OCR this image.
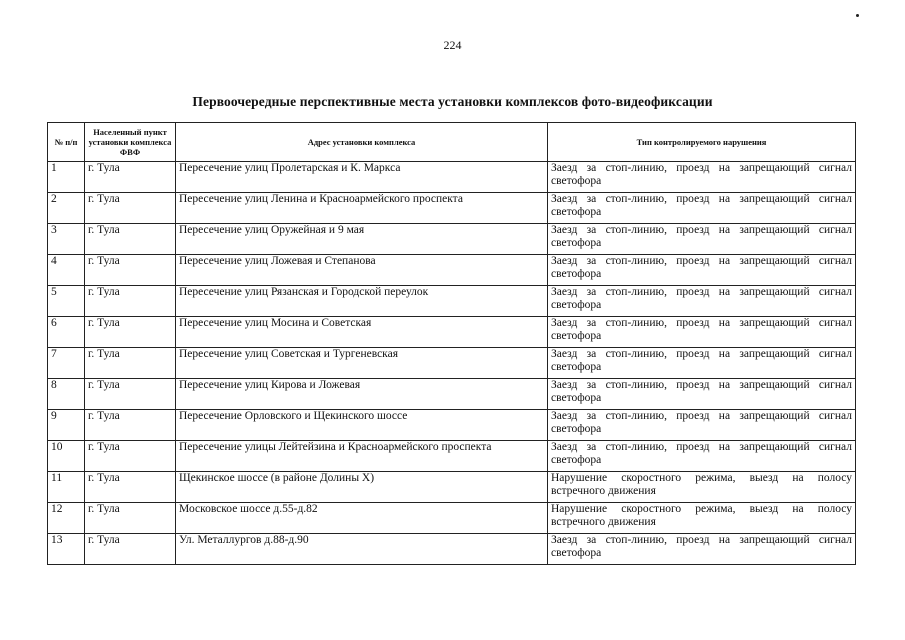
224
Первоочередные перспективные места установки комплексов фото-видеофиксации
№ п/п	Населенный пункт установки комплекса ФВФ	Адрес установки комплекса	Тип контролируемого нарушения
1	г. Тула	Пересечение улиц Пролетарская и К. Маркса	Заезд за стоп-линию, проезд на запрещающий сигнал светофора
2	г. Тула	Пересечение улиц Ленина и Красноармейского проспекта	Заезд за стоп-линию, проезд на запрещающий сигнал светофора
3	г. Тула	Пересечение улиц Оружейная и 9 мая	Заезд за стоп-линию, проезд на запрещающий сигнал светофора
4	г. Тула	Пересечение улиц Ложевая и Степанова	Заезд за стоп-линию, проезд на запрещающий сигнал светофора
5	г. Тула	Пересечение улиц Рязанская и Городской переулок	Заезд за стоп-линию, проезд на запрещающий сигнал светофора
6	г. Тула	Пересечение улиц Мосина и Советская	Заезд за стоп-линию, проезд на запрещающий сигнал светофора
7	г. Тула	Пересечение улиц Советская и Тургеневская	Заезд за стоп-линию, проезд на запрещающий сигнал светофора
8	г. Тула	Пересечение улиц Кирова и Ложевая	Заезд за стоп-линию, проезд на запрещающий сигнал светофора
9	г. Тула	Пересечение Орловского и Щекинского шоссе	Заезд за стоп-линию, проезд на запрещающий сигнал светофора
10	г. Тула	Пересечение улицы Лейтейзина и Красноармейского проспекта	Заезд за стоп-линию, проезд на запрещающий сигнал светофора
11	г. Тула	Щекинское шоссе (в районе Долины Х)	Нарушение скоростного режима, выезд на полосу встречного движения
12	г. Тула	Московское шоссе д.55-д.82	Нарушение скоростного режима, выезд на полосу встречного движения
13	г. Тула	Ул. Металлургов д.88-д.90	Заезд за стоп-линию, проезд на запрещающий сигнал светофора
